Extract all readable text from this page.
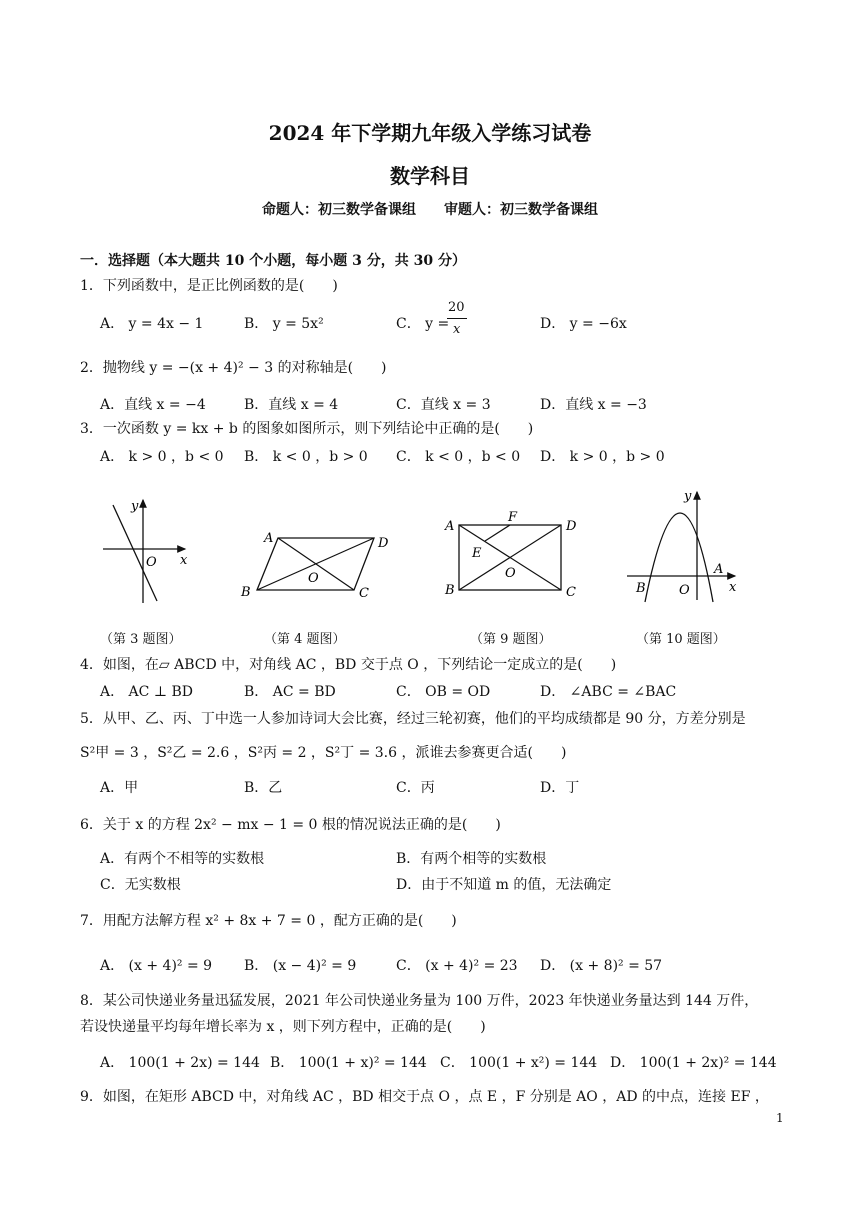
2024 年下学期九年级入学练习试卷
数学科目
命题人：初三数学备课组　　审题人：初三数学备课组
一．选择题（本大题共 10 个小题，每小题 3 分，共 30 分）
1．下列函数中，是正比例函数的是(　　)
A． y = 4x − 1	B． y = 5x²	C． y =
20
x	D． y = −6x
2．抛物线 y = −(x + 4)² − 3 的对称轴是(　　)
A．直线 x = −4	B．直线 x = 4	C．直线 x = 3	D．直线 x = −3
3．一次函数 y = kx + b 的图象如图所示，则下列结论中正确的是(　　)
A． k > 0 ，b < 0 B． k < 0 ，b > 0 C． k < 0 ，b < 0 D． k > 0 ，b > 0
y
x
O
A	D
B	C
O
A	D
F
E
B	C
O
y
x
A
B	O
（第 3 题图）	（第 4 题图）	（第 9 题图）	（第 10 题图）
4．如图，在▱ ABCD 中，对角线 AC ，BD 交于点 O ，下列结论一定成立的是(　　)
A． AC ⊥ BD	B． AC = BD	C． OB = OD	D． ∠ABC = ∠BAC
5．从甲、乙、丙、丁中选一人参加诗词大会比赛，经过三轮初赛，他们的平均成绩都是 90 分，方差分别是
S²甲 = 3 ，S²乙 = 2.6 ，S²丙 = 2 ，S²丁 = 3.6 ，派谁去参赛更合适(　　)
A．甲	B．乙	C．丙	D．丁
6．关于 x 的方程 2x² − mx − 1 = 0 根的情况说法正确的是(　　)
A．有两个不相等的实数根	B．有两个相等的实数根
C．无实数根	D．由于不知道 m 的值，无法确定
7．用配方法解方程 x² + 8x + 7 = 0 ，配方正确的是(　　)
A． (x + 4)² = 9 B． (x − 4)² = 9	C． (x + 4)² = 23 D． (x + 8)² = 57
8．某公司快递业务量迅猛发展，2021 年公司快递业务量为 100 万件，2023 年快递业务量达到 144 万件，
若设快递量平均每年增长率为 x ，则下列方程中，正确的是(　　)
A． 100(1 + 2x) = 144 B． 100(1 + x)² = 144 C． 100(1 + x²) = 144 D． 100(1 + 2x)² = 144
9．如图，在矩形 ABCD 中，对角线 AC ，BD 相交于点 O ，点 E ，F 分别是 AO ，AD 的中点，连接 EF ，
1
